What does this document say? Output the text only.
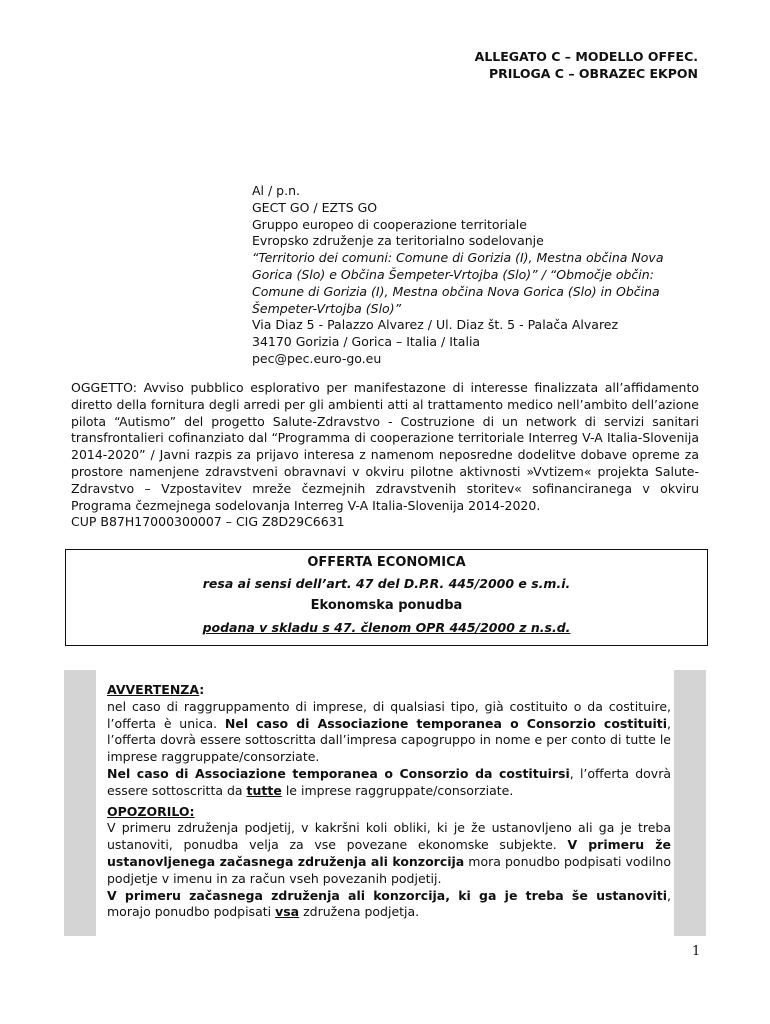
ALLEGATO C – MODELLO OFFEC.
PRILOGA C – OBRAZEC EKPON
Al / p.n.
GECT GO / EZTS GO
Gruppo europeo di cooperazione territoriale
Evropsko združenje za teritorialno sodelovanje
“Territorio dei comuni: Comune di Gorizia (I), Mestna občina Nova
Gorica (Slo) e Občina Šempeter-Vrtojba (Slo)” / “Območje občin:
Comune di Gorizia (I), Mestna občina Nova Gorica (Slo) in Občina
Šempeter-Vrtojba (Slo)”
Via Diaz 5 - Palazzo Alvarez / Ul. Diaz št. 5 - Palača Alvarez
34170 Gorizia / Gorica – Italia / Italia
pec@pec.euro-go.eu
OGGETTO: Avviso pubblico esplorativo per manifestazone di interesse finalizzata all’affidamento diretto della fornitura degli arredi per gli ambienti atti al trattamento medico nell’ambito dell’azione pilota “Autismo” del progetto Salute-Zdravstvo - Costruzione di un network di servizi sanitari transfrontalieri cofinanziato dal “Programma di cooperazione territoriale Interreg V-A Italia-Slovenija 2014-2020” / Javni razpis za prijavo interesa z namenom neposredne dodelitve dobave opreme za prostore namenjene zdravstveni obravnavi v okviru pilotne aktivnosti »Vvtizem« projekta Salute-Zdravstvo – Vzpostavitev mreže čezmejnih zdravstvenih storitev« sofinanciranega v okviru Programa čezmejnega sodelovanja Interreg V-A Italia-Slovenija 2014-2020.
CUP B87H17000300007 – CIG Z8D29C6631
OFFERTA ECONOMICA
resa ai sensi dell’art. 47 del D.P.R. 445/2000 e s.m.i.
Ekonomska ponudba
podana v skladu s 47. členom OPR 445/2000 z n.s.d.
AVVERTENZA:
nel caso di raggruppamento di imprese, di qualsiasi tipo, già costituito o da costituire, l’offerta è unica. Nel caso di Associazione temporanea o Consorzio costituiti, l’offerta dovrà essere sottoscritta dall’impresa capogruppo in nome e per conto di tutte le imprese raggruppate/consorziate.
Nel caso di Associazione temporanea o Consorzio da costituirsi, l’offerta dovrà essere sottoscritta da tutte le imprese raggruppate/consorziate.
OPOZORILO:
V primeru združenja podjetij, v kakršni koli obliki, ki je že ustanovljeno ali ga je treba ustanoviti, ponudba velja za vse povezane ekonomske subjekte. V primeru že ustanovljenega začasnega združenja ali konzorcija mora ponudbo podpisati vodilno podjetje v imenu in za račun vseh povezanih podjetij.
V primeru začasnega združenja ali konzorcija, ki ga je treba še ustanoviti, morajo ponudbo podpisati vsa združena podjetja.
1
